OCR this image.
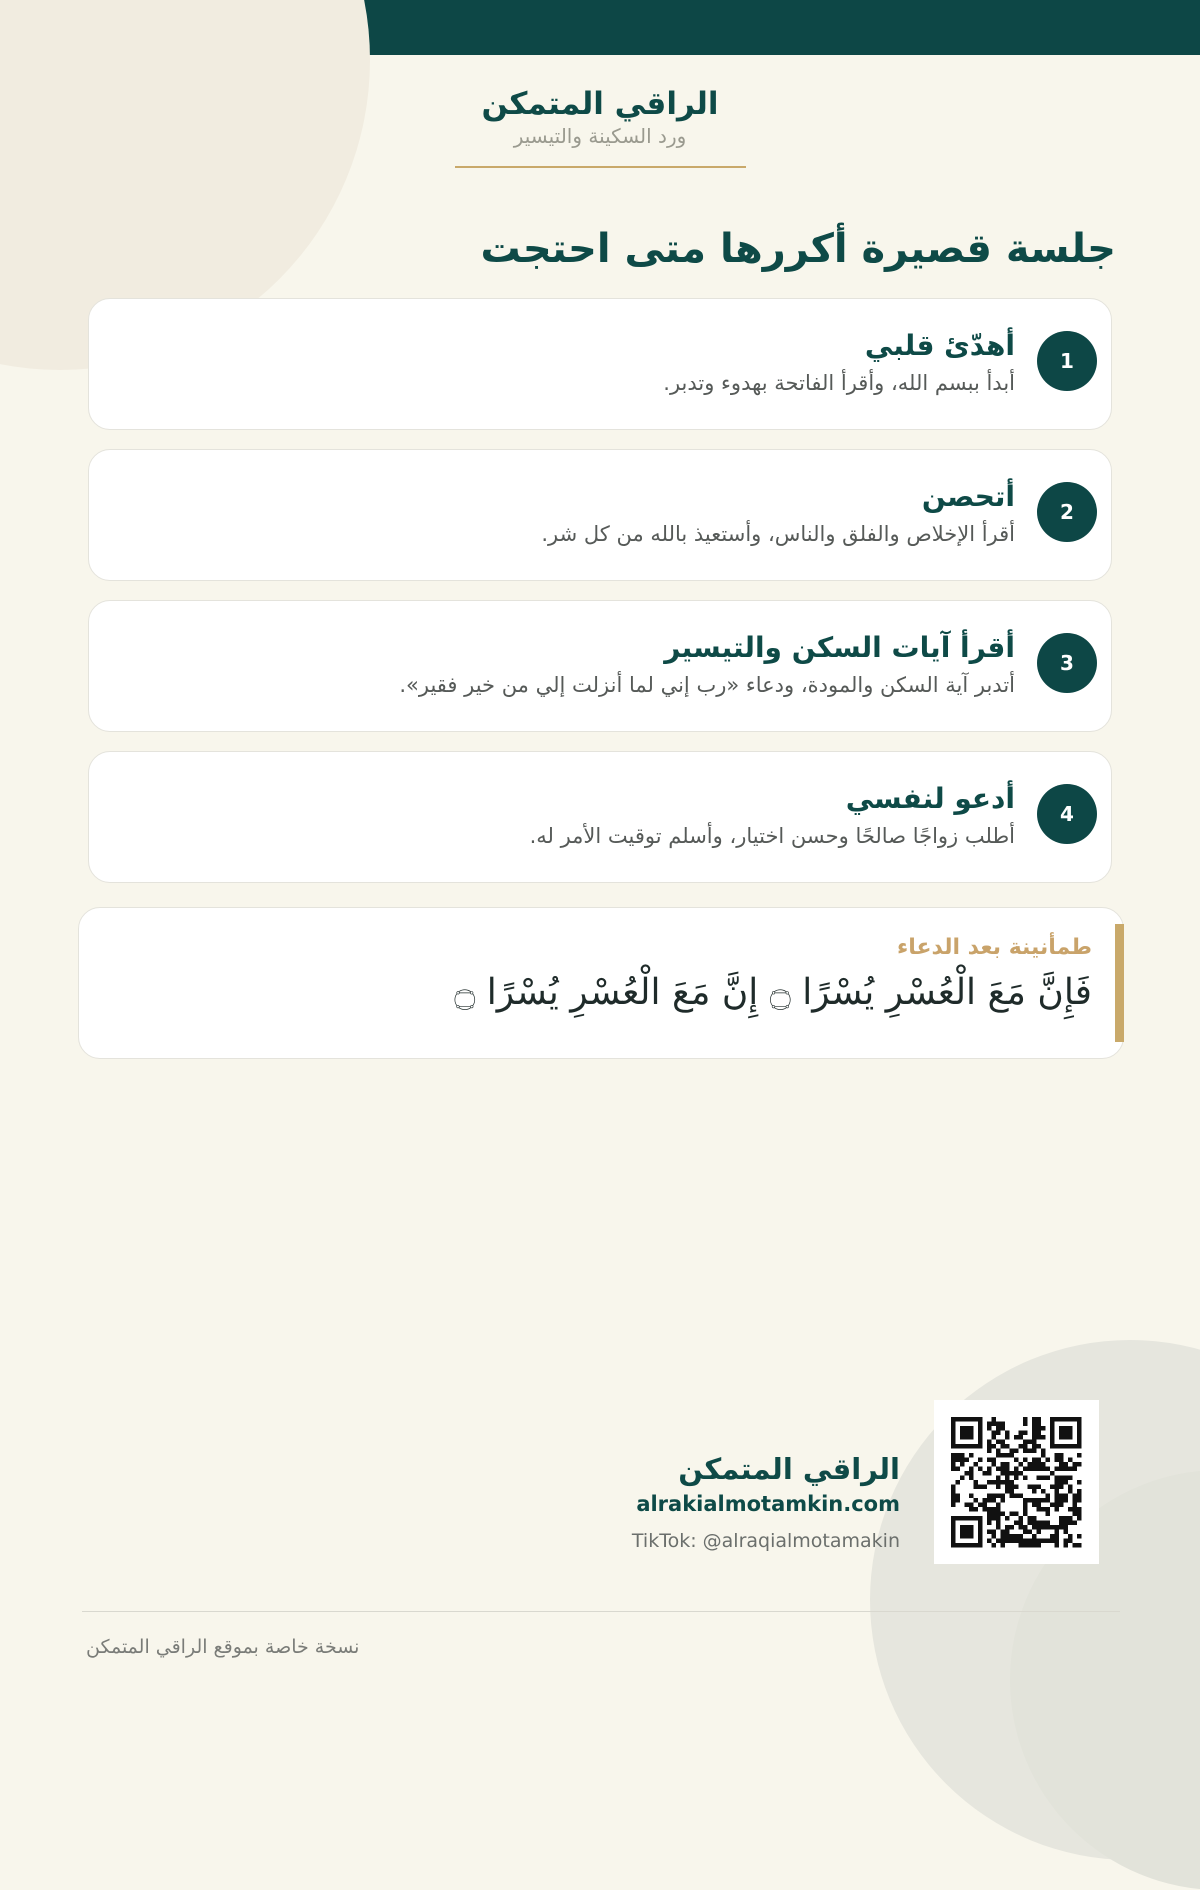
الراقي المتمكن
ورد السكينة والتيسير
جلسة قصيرة أكررها متى احتجت
1
أهدّئ قلبي
أبدأ ببسم الله، وأقرأ الفاتحة بهدوء وتدبر.
2
أتحصن
أقرأ الإخلاص والفلق والناس، وأستعيذ بالله من كل شر.
3
أقرأ آيات السكن والتيسير
أتدبر آية السكن والمودة، ودعاء «رب إني لما أنزلت إلي من خير فقير».
4
أدعو لنفسي
أطلب زواجًا صالحًا وحسن اختيار، وأسلم توقيت الأمر له.
طمأنينة بعد الدعاء
فَإِنَّ مَعَ الْعُسْرِ يُسْرًا ۝ إِنَّ مَعَ الْعُسْرِ يُسْرًا ۝
الراقي المتمكن
alrakialmotamkin.com
TikTok: @alraqialmotamakin
نسخة خاصة بموقع الراقي المتمكن
